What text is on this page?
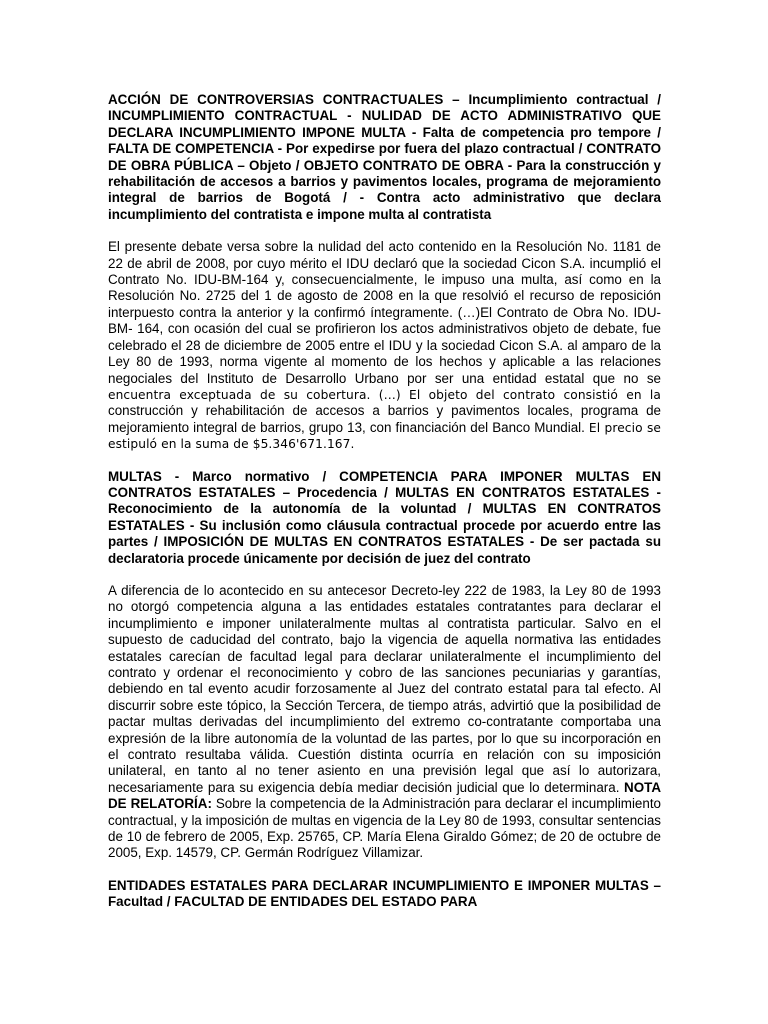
ACCIÓN DE CONTROVERSIAS CONTRACTUALES – Incumplimiento contractual / INCUMPLIMIENTO CONTRACTUAL - NULIDAD DE ACTO ADMINISTRATIVO QUE DECLARA INCUMPLIMIENTO IMPONE MULTA - Falta de competencia pro tempore / FALTA DE COMPETENCIA - Por expedirse por fuera del plazo contractual / CONTRATO DE OBRA PÚBLICA – Objeto / OBJETO CONTRATO DE OBRA - Para la construcción y rehabilitación de accesos a barrios y pavimentos locales, programa de mejoramiento integral de barrios de Bogotá / - Contra acto administrativo que declara incumplimiento del contratista e impone multa al contratista

El presente debate versa sobre la nulidad del acto contenido en la Resolución No. 1181 de 22 de abril de 2008, por cuyo mérito el IDU declaró que la sociedad Cicon S.A. incumplió el Contrato No. IDU-BM-164 y, consecuencialmente, le impuso una multa, así como en la Resolución No. 2725 del 1 de agosto de 2008 en la que resolvió el recurso de reposición interpuesto contra la anterior y la confirmó íntegramente. (…)El Contrato de Obra No. IDU-BM- 164, con ocasión del cual se profirieron los actos administrativos objeto de debate, fue celebrado el 28 de diciembre de 2005 entre el IDU y la sociedad Cicon S.A. al amparo de la Ley 80 de 1993, norma vigente al momento de los hechos y aplicable a las relaciones negociales del Instituto de Desarrollo Urbano por ser una entidad estatal que no se encuentra exceptuada de su cobertura. (…) El objeto del contrato consistió en la construcción y rehabilitación de accesos a barrios y pavimentos locales, programa de mejoramiento integral de barrios, grupo 13, con financiación del Banco Mundial. El precio se estipuló en la suma de $5.346'671.167.

MULTAS - Marco normativo / COMPETENCIA PARA IMPONER MULTAS EN CONTRATOS ESTATALES – Procedencia / MULTAS EN CONTRATOS ESTATALES - Reconocimiento de la autonomía de la voluntad / MULTAS EN CONTRATOS ESTATALES - Su inclusión como cláusula contractual procede por acuerdo entre las partes / IMPOSICIÓN DE MULTAS EN CONTRATOS ESTATALES - De ser pactada su declaratoria procede únicamente por decisión de juez del contrato

A diferencia de lo acontecido en su antecesor Decreto-ley 222 de 1983, la Ley 80 de 1993 no otorgó competencia alguna a las entidades estatales contratantes para declarar el incumplimiento e imponer unilateralmente multas al contratista particular. Salvo en el supuesto de caducidad del contrato, bajo la vigencia de aquella normativa las entidades estatales carecían de facultad legal para declarar unilateralmente el incumplimiento del contrato y ordenar el reconocimiento y cobro de las sanciones pecuniarias y garantías, debiendo en tal evento acudir forzosamente al Juez del contrato estatal para tal efecto. Al discurrir sobre este tópico, la Sección Tercera, de tiempo atrás, advirtió que la posibilidad de pactar multas derivadas del incumplimiento del extremo co-contratante comportaba una expresión de la libre autonomía de la voluntad de las partes, por lo que su incorporación en el contrato resultaba válida. Cuestión distinta ocurría en relación con su imposición unilateral, en tanto al no tener asiento en una previsión legal que así lo autorizara, necesariamente para su exigencia debía mediar decisión judicial que lo determinara. NOTA DE RELATORÍA: Sobre la competencia de la Administración para declarar el incumplimiento contractual, y la imposición de multas en vigencia de la Ley 80 de 1993, consultar sentencias de 10 de febrero de 2005, Exp. 25765, CP. María Elena Giraldo Gómez; de 20 de octubre de 2005, Exp. 14579, CP. Germán Rodríguez Villamizar.

ENTIDADES ESTATALES PARA DECLARAR INCUMPLIMIENTO E IMPONER MULTAS – Facultad / FACULTAD DE ENTIDADES DEL ESTADO PARA
